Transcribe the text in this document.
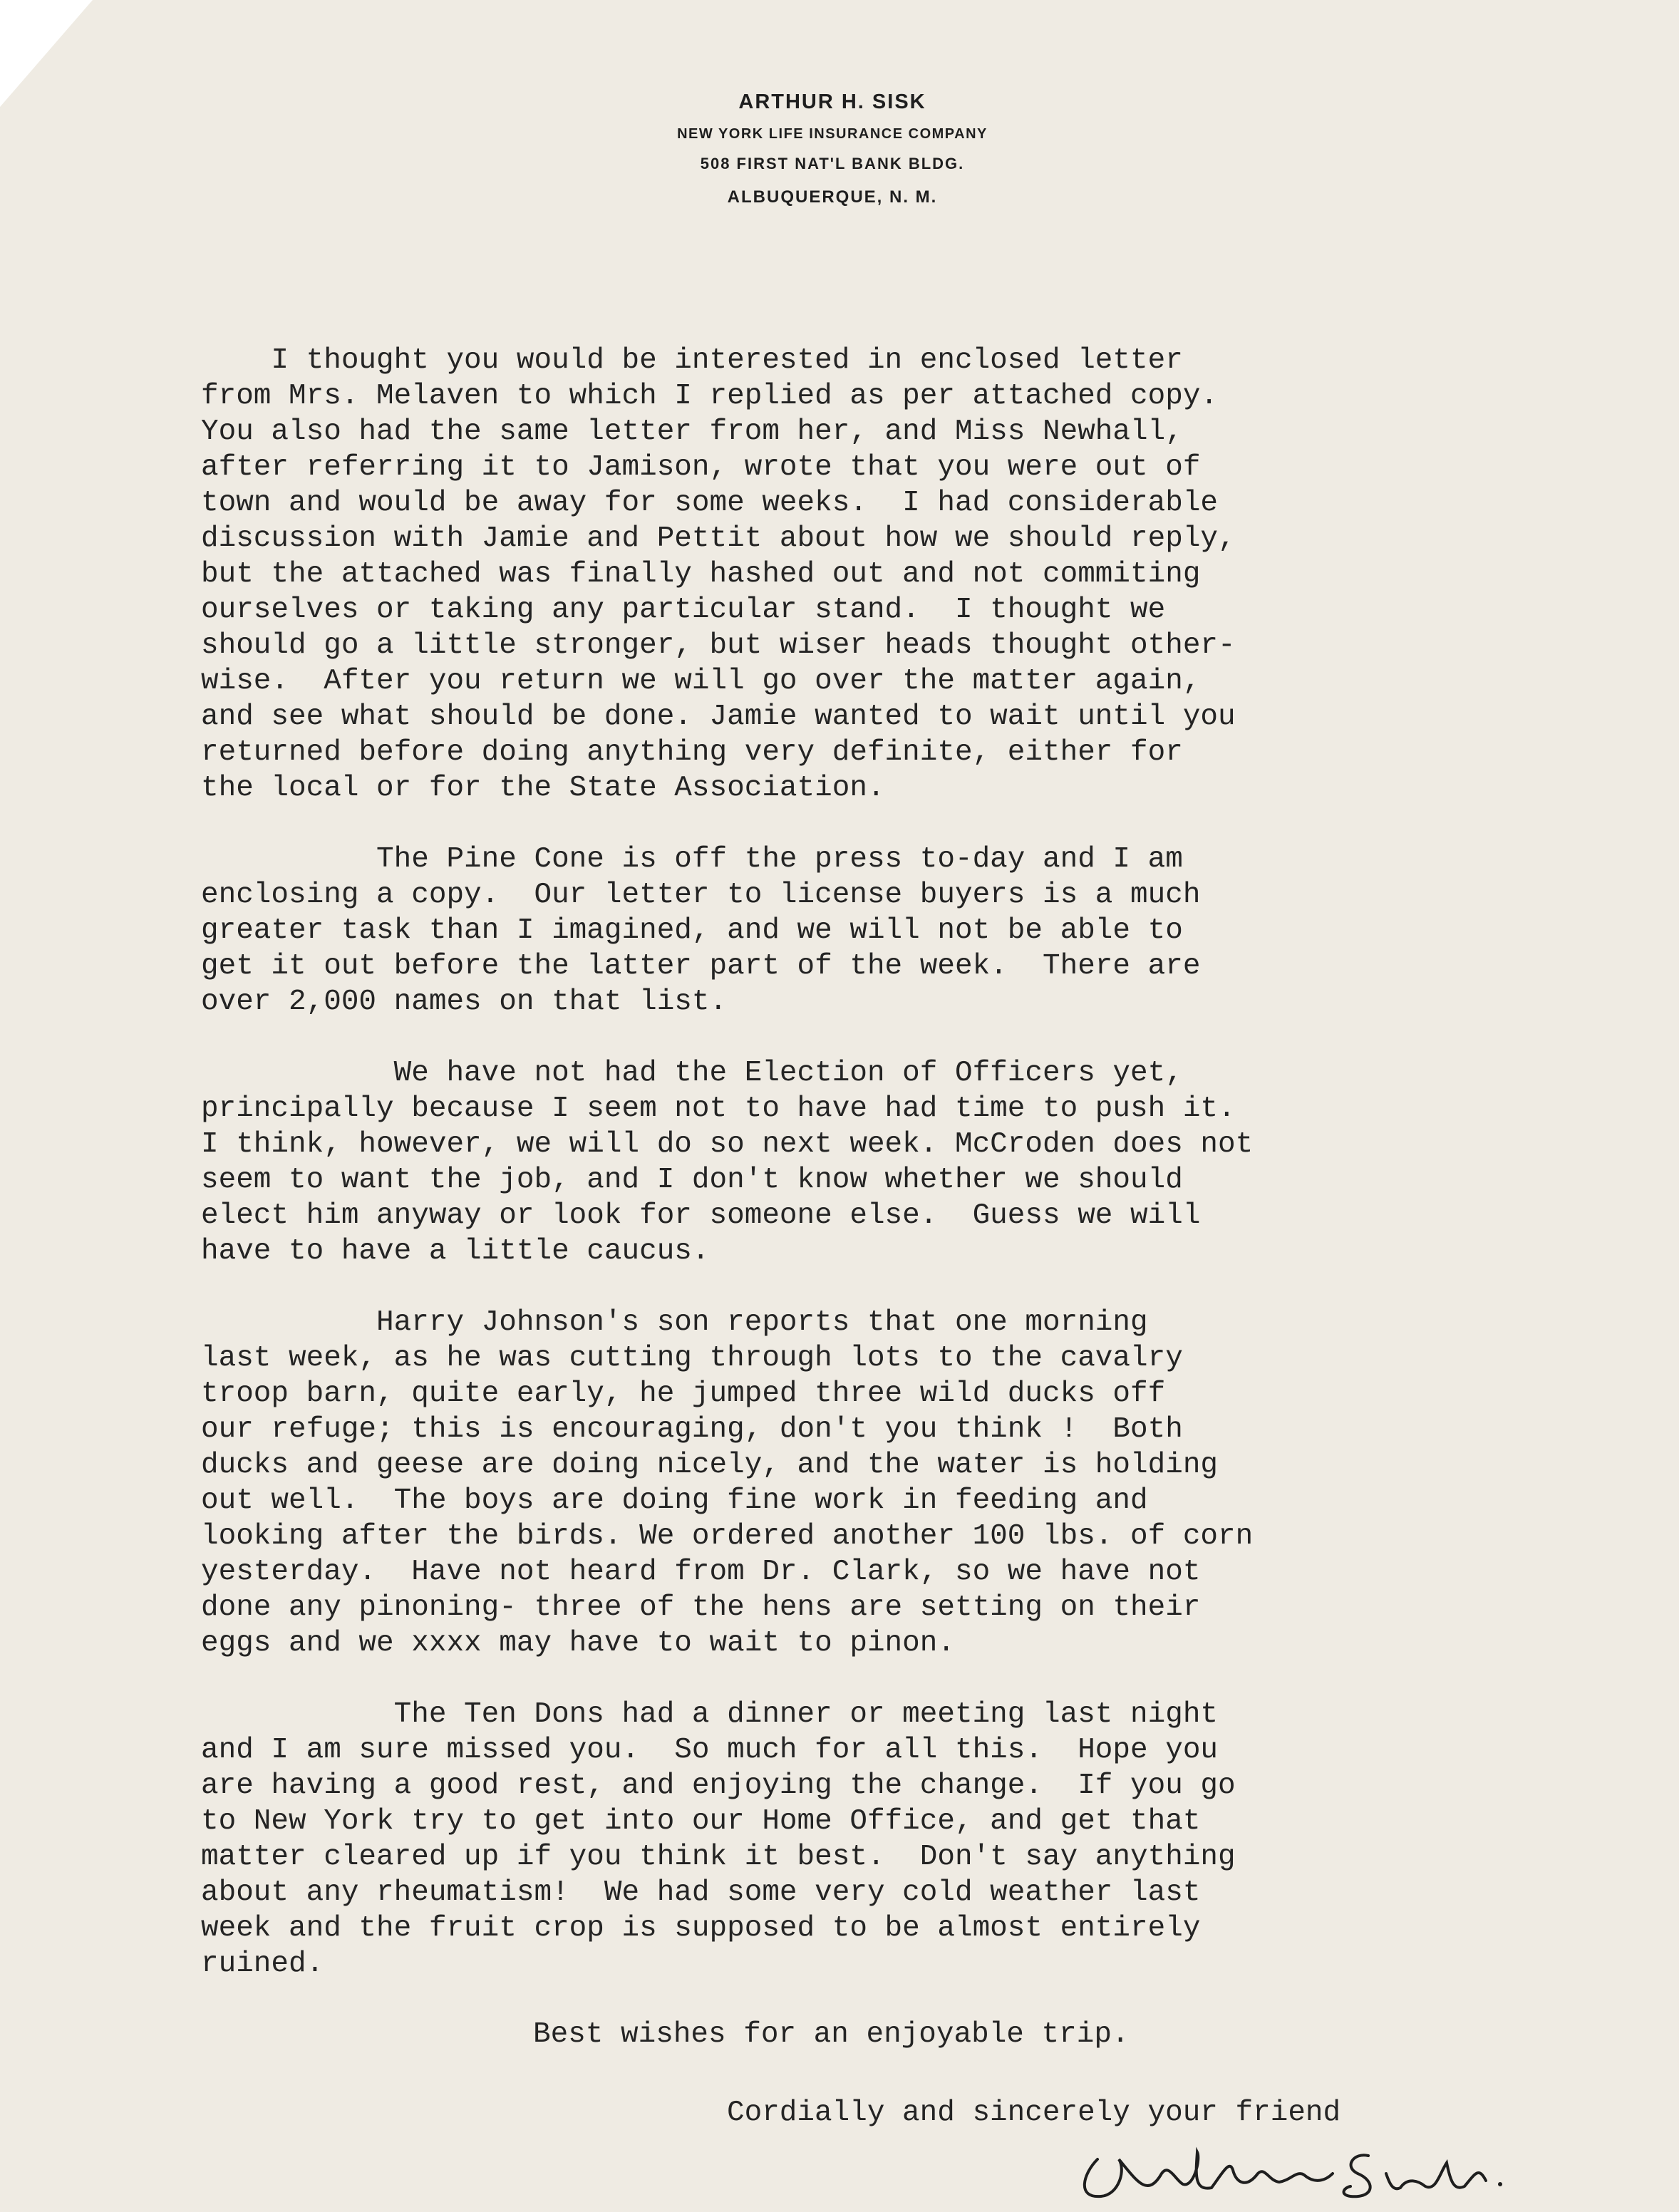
ARTHUR H. SISK
NEW YORK LIFE INSURANCE COMPANY
508 FIRST NAT'L BANK BLDG.
ALBUQUERQUE, N. M.
I thought you would be interested in enclosed letter
from Mrs. Melaven to which I replied as per attached copy.
You also had the same letter from her, and Miss Newhall,
after referring it to Jamison, wrote that you were out of
town and would be away for some weeks.  I had considerable
discussion with Jamie and Pettit about how we should reply,
but the attached was finally hashed out and not commiting
ourselves or taking any particular stand.  I thought we
should go a little stronger, but wiser heads thought other-
wise.  After you return we will go over the matter again,
and see what should be done. Jamie wanted to wait until you
returned before doing anything very definite, either for
the local or for the State Association.
The Pine Cone is off the press to-day and I am
enclosing a copy.  Our letter to license buyers is a much
greater task than I imagined, and we will not be able to
get it out before the latter part of the week.  There are
over 2,000 names on that list.
We have not had the Election of Officers yet,
principally because I seem not to have had time to push it.
I think, however, we will do so next week. McCroden does not
seem to want the job, and I don't know whether we should
elect him anyway or look for someone else.  Guess we will
have to have a little caucus.
Harry Johnson's son reports that one morning
last week, as he was cutting through lots to the cavalry
troop barn, quite early, he jumped three wild ducks off
our refuge; this is encouraging, don't you think !  Both
ducks and geese are doing nicely, and the water is holding
out well.  The boys are doing fine work in feeding and
looking after the birds. We ordered another 100 lbs. of corn
yesterday.  Have not heard from Dr. Clark, so we have not
done any pinoning- three of the hens are setting on their
eggs and we xxxx may have to wait to pinon.
The Ten Dons had a dinner or meeting last night
and I am sure missed you.  So much for all this.  Hope you
are having a good rest, and enjoying the change.  If you go
to New York try to get into our Home Office, and get that
matter cleared up if you think it best.  Don't say anything
about any rheumatism!  We had some very cold weather last
week and the fruit crop is supposed to be almost entirely
ruined.
Best wishes for an enjoyable trip.
Cordially and sincerely your friend
